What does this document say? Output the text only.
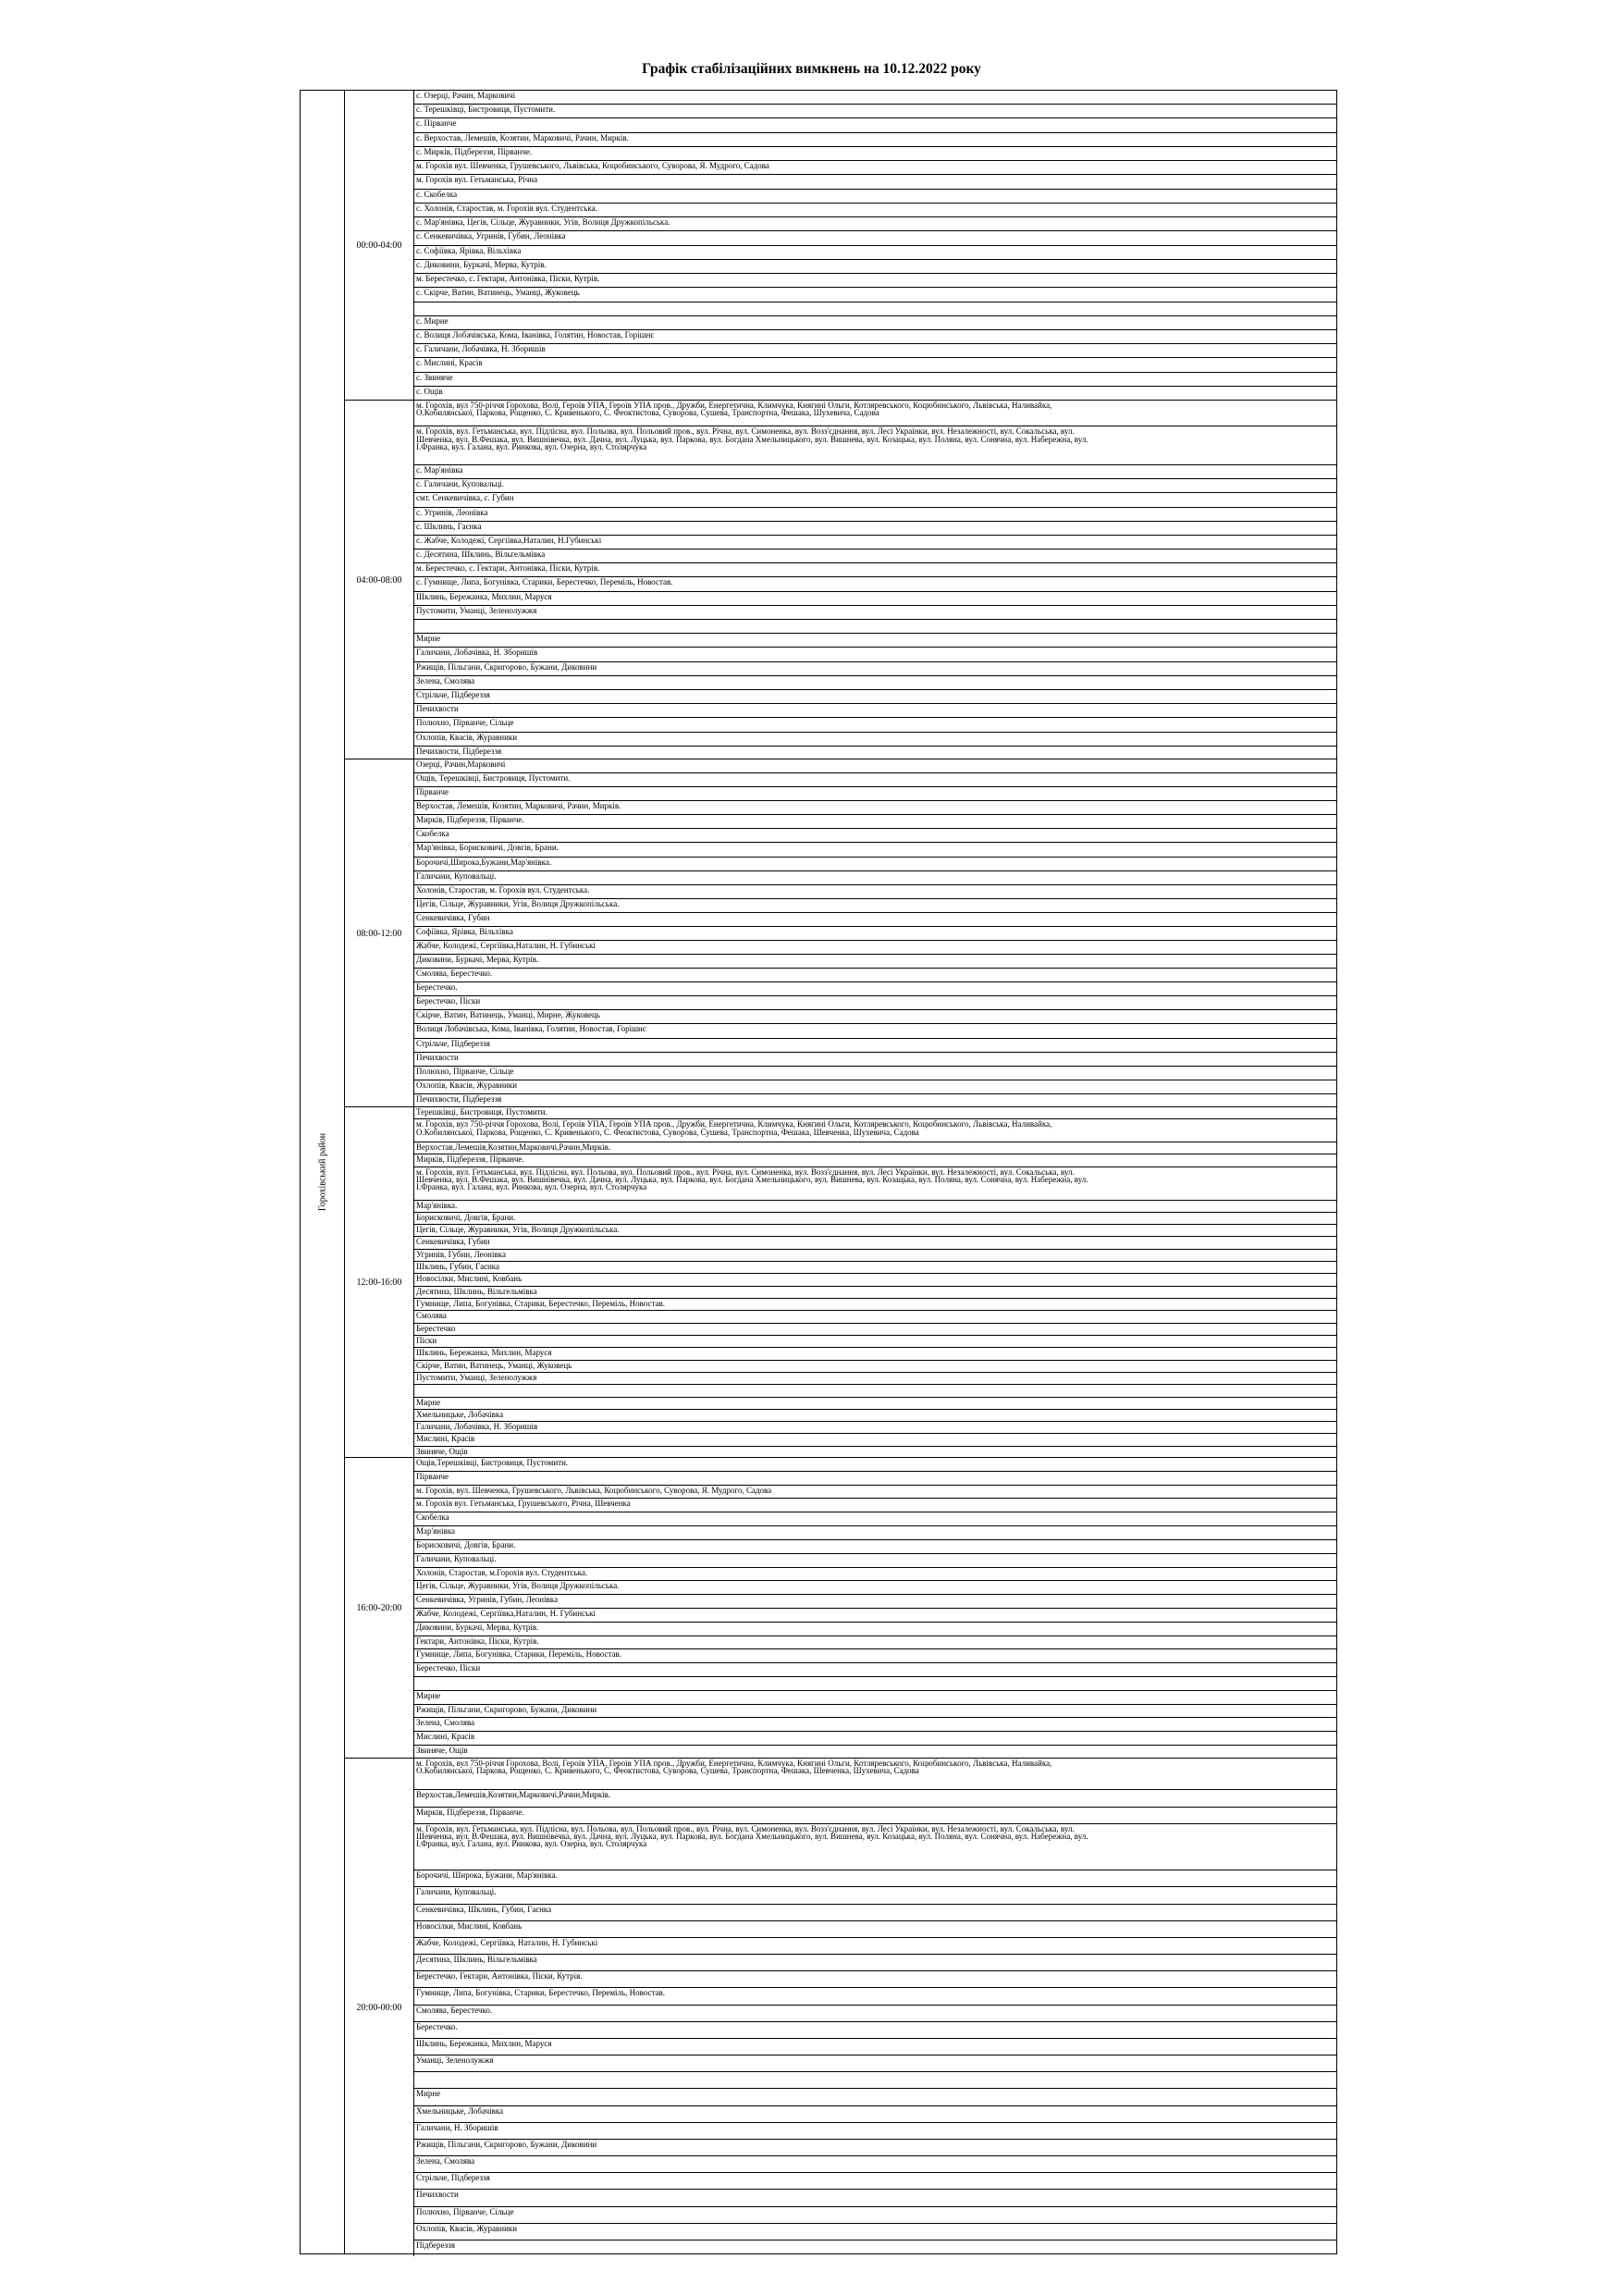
Графік стабілізаційних вимкнень на 10.12.2022 року
Горохівський район
00:00-04:00
с. Озерці, Рачин, Марковичі
с. Терешківці, Бистровиця, Пустомити.
с. Пірванче
с. Верхостав, Лемешів, Козятин, Марковичі, Рачин, Мирків.
с. Мирків, Підбереззя, Пірванче.
м. Горохів вул. Шевченка, Грушевського, Львівська, Коцюбинського, Суворова, Я. Мудрого, Садова
м. Горохів вул. Гетьманська, Річна
с. Скобелка
с. Холонів, Старостав, м. Горохів вул. Студентська.
с. Мар'янівка, Цегів, Сільце, Журавники, Угів, Волиця Дружкопільська.
с. Сенкевичівка, Угринів, Губин, Леонівка
с. Софіївка, Ярівка, Вільхівка
с. Диковини, Буркачі, Мерва, Кутрів.
м. Берестечко, с. Гектари, Антонівка, Піски, Кутрів.
с. Скірче, Ватин, Ватинець, Уманці, Жуковець
с. Мирне
с. Волиця Лобачівська, Кома, Іванівка, Голятин, Новостав, Горішнє
с. Галичани, Лобачівка, Н. Зборишів
с. Мислині, Красів
с. Звиняче
с. Ощів
04:00-08:00
м. Горохів, вул 750-річчя Горохова, Волі, Героїв УПА, Героїв УПА пров., Дружби, Енергетична, Климчука, Княгині Ольги, Котляревського, Коцюбинського, Львівська, Наливайка,
О.Кобилянської, Паркова, Рощенко, С. Кривенького, С. Феоктистова, Суворова, Сушева, Транспортна, Фешака, Шухевича, Садова
м. Горохів, вул. Гетьманська, вул. Підлісна, вул. Польова, вул. Польовий пров., вул. Річна, вул. Симоненка, вул. Возз'єднання, вул. Лесі Українки, вул. Незалежності, вул. Сокальська, вул.
Шевченка, вул. В.Фешака, вул. Вишнівечка, вул. Дачна, вул. Луцька, вул. Паркова, вул. Богдана Хмельницького, вул. Вишнева, вул. Козацька, вул. Поляна, вул. Сонячна, вул. Набережна, вул.
І.Франка, вул. Галана, вул. Ринкова, вул. Озерна, вул. Столярчука
с. Мар'янівка
с. Галичани, Куповальці.
смт. Сенкевичівка, с. Губин
с. Угринів, Леонівка
с. Шклинь, Гаєнка
с. Жабче, Колодежі, Сергіївка,Наталин, Н.Губинські
с. Десятина, Шклинь, Вільгельмівка
м. Берестечко, с. Гектари, Антонівка, Піски, Кутрів.
с. Гумнище, Липа, Богунівка, Старики, Берестечко, Переміль, Новостав.
Шклинь, Бережанка, Михлин, Маруся
Пустомити, Уманці, Зеленолужжя
Мирне
Галичани, Лобачівка, Н. Зборишів
Ржищів, Пільгани, Скригорово, Бужани, Диковини
Зелена, Смолява
Стрільче, Підбереззя
Печихвости
Полюхно, Пірванче, Сільце
Охлопів, Квасів, Журавники
Печихвости, Підбереззя
08:00-12:00
Озерці, Рачин,Марковичі
Ощів, Терешківці, Бистровиця, Пустомити.
Пірванче
Верхостав, Лемешів, Козятин, Марковичі, Рачин, Мирків.
Мирків, Підбереззя, Пірванче.
Скобелка
Мар'янівка, Борисковичі, Довгів, Брани.
Борочичі,Широка,Бужани,Мар'янівка.
Галичани, Куповальці.
Холонів, Старостав, м. Горохів вул. Студентська.
Цегів, Сільце, Журавники, Угів, Волиця Дружкопільська.
Сенкевичівка, Губин
Софіївка, Ярівка, Вільхівка
Жабче, Колодежі, Сергіївка,Наталин, Н. Губинські
Диковини, Буркачі, Мерва, Кутрів.
Смолява, Берестечко.
Берестечко.
Берестечко, Піски
Скірче, Ватин, Ватинець, Уманці, Мирне, Жуковець
Волиця Лобачівська, Кома, Іванівка, Голятин, Новостав, Горішнє
Стрільче, Підбереззя
Печихвости
Полюхно, Пірванче, Сільце
Охлопів, Квасів, Журавники
Печихвости, Підбереззя
12:00-16:00
Терешківці, Бистровиця, Пустомити.
м. Горохів, вул 750-річчя Горохова, Волі, Героїв УПА, Героїв УПА пров., Дружби, Енергетична, Климчука, Княгині Ольги, Котляревського, Коцюбинського, Львівська, Наливайка,
О.Кобилянської, Паркова, Рощенко, С. Кривенького, С. Феоктистова, Суворова, Сушева, Транспортна, Фешака, Шевченка, Шухевича, Садова
Верхостав,Лемешів,Козятин,Марковичі,Рачин,Мирків.
Мирків, Підбереззя, Пірванче.
м. Горохів, вул. Гетьманська, вул. Підлісна, вул. Польова, вул. Польовий пров., вул. Річна, вул. Симоненка, вул. Возз'єднання, вул. Лесі Українки, вул. Незалежності, вул. Сокальська, вул.
Шевченка, вул. В.Фешака, вул. Вишнівечка, вул. Дачна, вул. Луцька, вул. Паркова, вул. Богдана Хмельницького, вул. Вишнева, вул. Козацька, вул. Поляна, вул. Сонячна, вул. Набережна, вул.
І.Франка, вул. Галана, вул. Ринкова, вул. Озерна, вул. Столярчука
Мар'янівка.
Борисковичі, Довгів, Брани.
Цегів, Сільце, Журавники, Угів, Волиця Дружкопільська.
Сенкевичівка, Губин
Угринів, Губин, Леонівка
Шклинь, Губин, Гаєнка
Новосілки, Мислині, Ковбань
Десятина, Шклинь, Вільгельмівка
Гумнище, Липа, Богунівка, Старики, Берестечко, Переміль, Новостав.
Смолява
Берестечко
Піски
Шклинь, Бережанка, Михлин, Маруся
Скірче, Ватин, Ватинець, Уманці, Жуковець
Пустомити, Уманці, Зеленолужжя
Мирне
Хмельницьке, Лобачівка
Галичани, Лобачівка, Н. Зборишів
Мислині, Красів
Звиняче, Ощів
16:00-20:00
Ощів,Терешківці, Бистровиця, Пустомити.
Пірванче
м. Горохів, вул. Шевченка, Грушевського, Львівська, Коцюбинського, Суворова, Я. Мудрого, Садова
м. Горохів вул. Гетьманська, Грушевського, Річна, Шевченка
Скобелка
Мар'янівка
Борисковичі, Довгів, Брани.
Галичани, Куповальці.
Холонів, Старостав, м.Горохів вул. Студентська.
Цегів, Сільце, Журавники, Угів, Волиця Дружкопільська.
Сенкевичівка, Угринів, Губин, Леонівка
Жабче, Колодежі, Сергіївка,Наталин, Н. Губинські
Диковини, Буркачі, Мерва, Кутрів.
Гектари, Антонівка, Піски, Кутрів.
Гумнище, Липа, Богунівка, Старики, Переміль, Новостав.
Берестечко, Піски
Мирне
Ржищів, Пільгани, Скригорово, Бужани, Диковини
Зелена, Смолява
Мислині, Красів
Звиняче, Ощів
20:00-00:00
м. Горохів, вул 750-річчя Горохова, Волі, Героїв УПА, Героїв УПА пров., Дружби, Енергетична, Климчука, Княгині Ольги, Котляревського, Коцюбинського, Львівська, Наливайка,
О.Кобилянської, Паркова, Рощенко, С. Кривенького, С. Феоктистова, Суворова, Сушева, Транспортна, Фешака, Шевченка, Шухевича, Садова
Верхостав,Лемешів,Козятин,Марковичі,Рачин,Мирків.
Мирків, Підбереззя, Пірванче.
м. Горохів, вул. Гетьманська, вул. Підлісна, вул. Польова, вул. Польовий пров., вул. Річна, вул. Симоненка, вул. Возз'єднання, вул. Лесі Українки, вул. Незалежності, вул. Сокальська, вул.
Шевченка, вул. В.Фешака, вул. Вишнівечка, вул. Дачна, вул. Луцька, вул. Паркова, вул. Богдана Хмельницького, вул. Вишнева, вул. Козацька, вул. Поляна, вул. Сонячна, вул. Набережна, вул.
І.Франка, вул. Галана, вул. Ринкова, вул. Озерна, вул. Столярчука
Борочичі, Широка, Бужани, Мар'янівка.
Галичани, Куповальці.
Сенкевичівка, Шклинь, Губин, Гаєнка
Новосілки, Мислині, Ковбань
Жабче, Колодежі, Сергіївка, Наталин, Н. Губинські
Десятина, Шклинь, Вільгельмівка
Берестечко, Гектари, Антонівка, Піски, Кутрів.
Гумнище, Липа, Богунівка, Старики, Берестечко, Переміль, Новостав.
Смолява, Берестечко.
Берестечко.
Шклинь, Бережанка, Михлин, Маруся
Уманці, Зеленолужжя
Мирне
Хмельницьке, Лобачівка
Галичани, Н. Зборишів
Ржищів, Пільгани, Скригорово, Бужани, Диковини
Зелена, Смолява
Стрільче, Підбереззя
Печихвости
Полюхно, Пірванче, Сільце
Охлопів, Квасів, Журавники
Підбереззя
